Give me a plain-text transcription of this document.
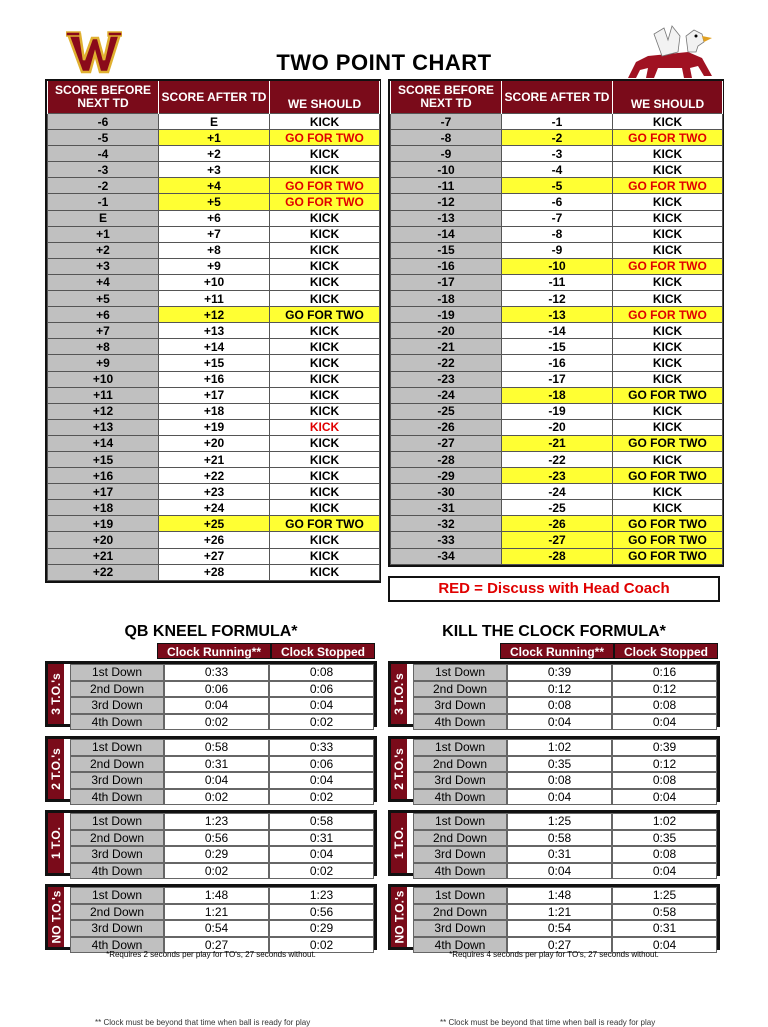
TWO POINT CHART
SCORE BEFORE NEXT TD	SCORE AFTER TD	WE SHOULD
-6	E	KICK
-5	+1	GO FOR TWO
-4	+2	KICK
-3	+3	KICK
-2	+4	GO FOR TWO
-1	+5	GO FOR TWO
E	+6	KICK
+1	+7	KICK
+2	+8	KICK
+3	+9	KICK
+4	+10	KICK
+5	+11	KICK
+6	+12	GO FOR TWO
+7	+13	KICK
+8	+14	KICK
+9	+15	KICK
+10	+16	KICK
+11	+17	KICK
+12	+18	KICK
+13	+19	KICK
+14	+20	KICK
+15	+21	KICK
+16	+22	KICK
+17	+23	KICK
+18	+24	KICK
+19	+25	GO FOR TWO
+20	+26	KICK
+21	+27	KICK
+22	+28	KICK
SCORE BEFORE NEXT TD	SCORE AFTER TD	WE SHOULD
-7	-1	KICK
-8	-2	GO FOR TWO
-9	-3	KICK
-10	-4	KICK
-11	-5	GO FOR TWO
-12	-6	KICK
-13	-7	KICK
-14	-8	KICK
-15	-9	KICK
-16	-10	GO FOR TWO
-17	-11	KICK
-18	-12	KICK
-19	-13	GO FOR TWO
-20	-14	KICK
-21	-15	KICK
-22	-16	KICK
-23	-17	KICK
-24	-18	GO FOR TWO
-25	-19	KICK
-26	-20	KICK
-27	-21	GO FOR TWO
-28	-22	KICK
-29	-23	GO FOR TWO
-30	-24	KICK
-31	-25	KICK
-32	-26	GO FOR TWO
-33	-27	GO FOR TWO
-34	-28	GO FOR TWO
RED = Discuss with Head Coach
QB KNEEL FORMULA*	KILL THE CLOCK FORMULA*
Clock Running**	Clock Stopped	Clock Running**	Clock Stopped
3 T.O.'s
1st Down	0:33	0:08
2nd Down	0:06	0:06
3rd Down	0:04	0:04
4th Down	0:02	0:02
2 T.O.'s
1st Down	0:58	0:33
2nd Down	0:31	0:06
3rd Down	0:04	0:04
4th Down	0:02	0:02
1 T.O.
1st Down	1:23	0:58
2nd Down	0:56	0:31
3rd Down	0:29	0:04
4th Down	0:02	0:02
NO T.O.'s	1st Down	1:48	1:23
2nd Down	1:21	0:56
3rd Down	0:54	0:29
4th Down	0:27	0:02
3 T.O.'s
1st Down	0:39	0:16
2nd Down	0:12	0:12
3rd Down	0:08	0:08
4th Down	0:04	0:04
2 T.O.'s
1st Down	1:02	0:39
2nd Down	0:35	0:12
3rd Down	0:08	0:08
4th Down	0:04	0:04
1 T.O.
1st Down	1:25	1:02
2nd Down	0:58	0:35
3rd Down	0:31	0:08
4th Down	0:04	0:04
NO T.O.'s	1st Down	1:48	1:25
2nd Down	1:21	0:58
3rd Down	0:54	0:31
4th Down	0:27	0:04
*Requires 2 seconds per play for TO's, 27 seconds without.	*Requires 4 seconds per play for TO's, 27 seconds without.
** Clock must be beyond that time when ball is ready for play	** Clock must be beyond that time when ball is ready for play
